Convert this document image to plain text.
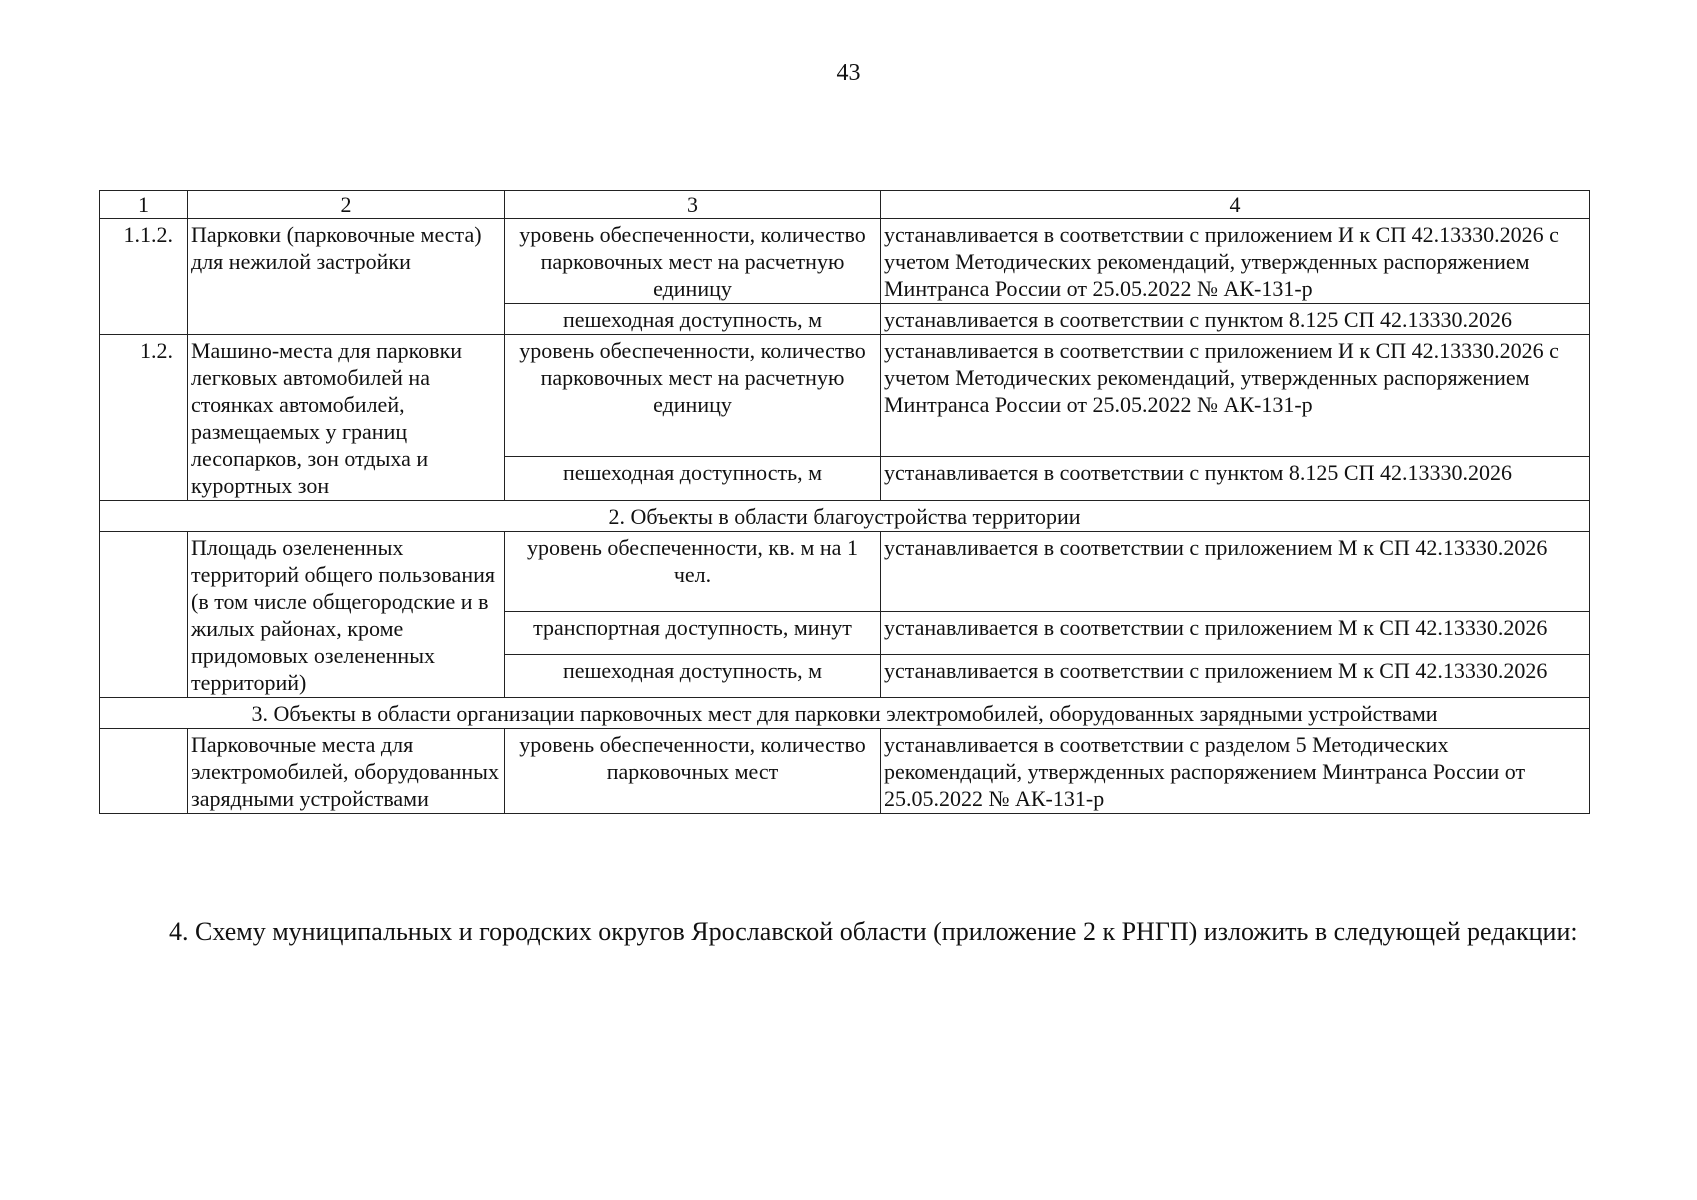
43
1	2	3	4
1.1.2.	Парковки (парковочные места) для нежилой застройки	уровень обеспеченности, количество парковочных мест на расчетную единицу	устанавливается в соответствии с приложением И к СП 42.13330.2026 с учетом Методических рекомендаций, утвержденных распоряжением Минтранса России от 25.05.2022 № АК-131-р
		пешеходная доступность, м	устанавливается в соответствии с пунктом 8.125 СП 42.13330.2026
1.2.	Машино-места для парковки легковых автомобилей на стоянках автомобилей, размещаемых у границ лесопарков, зон отдыха и курортных зон	уровень обеспеченности, количество парковочных мест на расчетную единицу	устанавливается в соответствии с приложением И к СП 42.13330.2026 с учетом Методических рекомендаций, утвержденных распоряжением Минтранса России от 25.05.2022 № АК-131-р
		пешеходная доступность, м	устанавливается в соответствии с пунктом 8.125 СП 42.13330.2026
2. Объекты в области благоустройства территории			
	Площадь озелененных территорий общего пользования (в том числе общегородские и в жилых районах, кроме придомовых озелененных территорий)	уровень обеспеченности, кв. м на 1 чел.	устанавливается в соответствии с приложением М к СП 42.13330.2026
		транспортная доступность, минут	устанавливается в соответствии с приложением М к СП 42.13330.2026
		пешеходная доступность, м	устанавливается в соответствии с приложением М к СП 42.13330.2026
3. Объекты в области организации парковочных мест для парковки электромобилей, оборудованных зарядными устройствами			
	Парковочные места для электромобилей, оборудованных зарядными устройствами	уровень обеспеченности, количество парковочных мест	устанавливается в соответствии с разделом 5 Методических рекомендаций, утвержденных распоряжением Минтранса России от 25.05.2022 № АК-131-р
4. Схему муниципальных и городских округов Ярославской области (приложение 2 к РНГП) изложить в следующей редакции:
